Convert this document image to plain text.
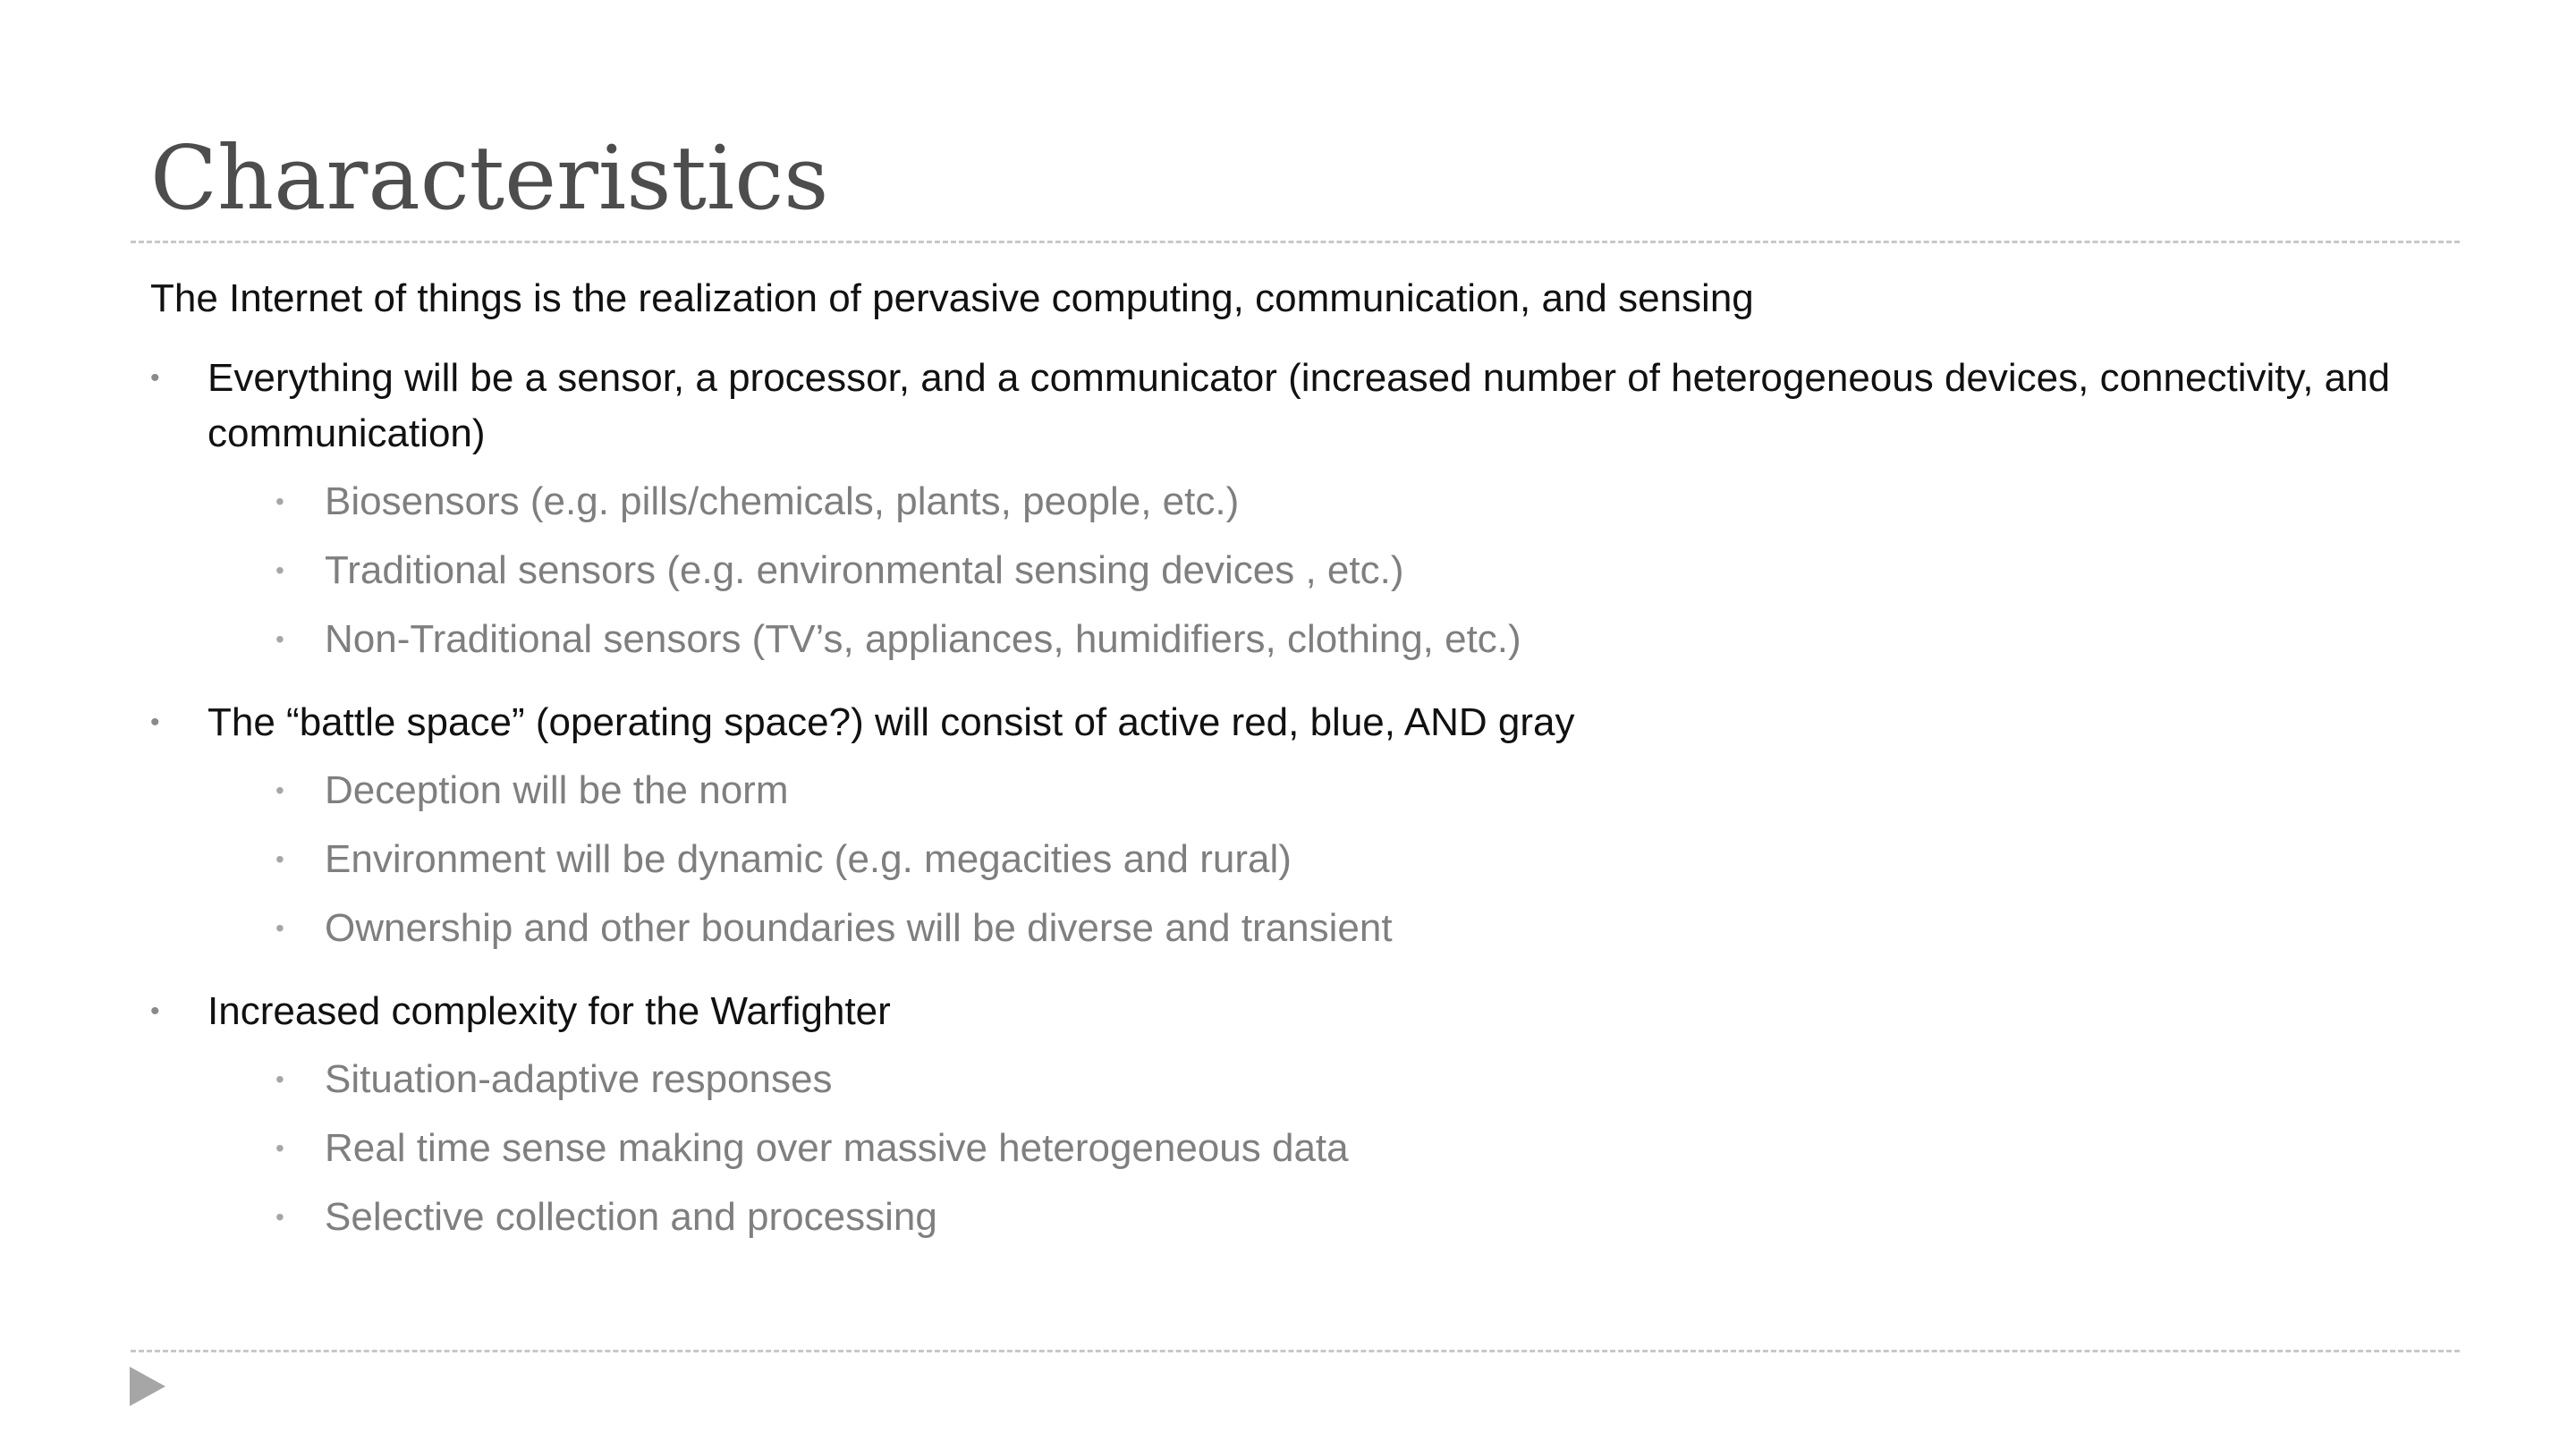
Characteristics

The Internet of things is the realization of pervasive computing, communication, and sensing

• Everything will be a sensor, a processor, and a communicator (increased number of heterogeneous devices, connectivity, and communication)
• Biosensors (e.g. pills/chemicals, plants, people, etc.)
• Traditional sensors (e.g. environmental sensing devices , etc.)
• Non-Traditional sensors (TV’s, appliances, humidifiers, clothing, etc.)
• The “battle space” (operating space?) will consist of active red, blue, AND gray
• Deception will be the norm
• Environment will be dynamic (e.g. megacities and rural)
• Ownership and other boundaries will be diverse and transient
• Increased complexity for the Warfighter
• Situation-adaptive responses
• Real time sense making over massive heterogeneous data
• Selective collection and processing
